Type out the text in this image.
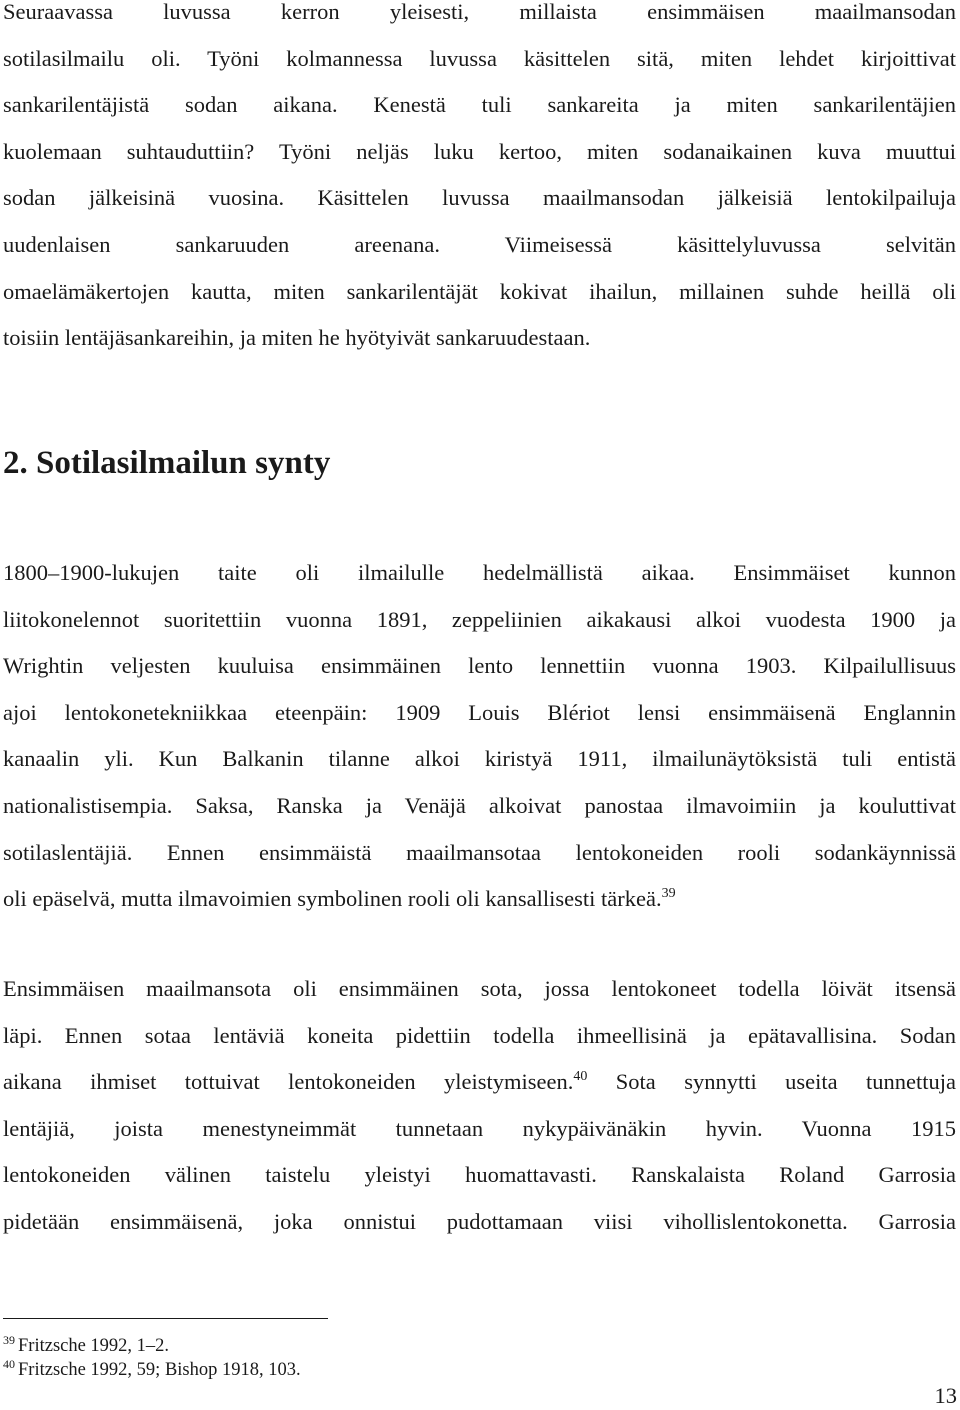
Seuraavassa luvussa kerron yleisesti, millaista ensimmäisen maailmansodan
sotilasilmailu oli. Työni kolmannessa luvussa käsittelen sitä, miten lehdet kirjoittivat
sankarilentäjistä sodan aikana. Kenestä tuli sankareita ja miten sankarilentäjien
kuolemaan suhtauduttiin? Työni neljäs luku kertoo, miten sodanaikainen kuva muuttui
sodan jälkeisinä vuosina. Käsittelen luvussa maailmansodan jälkeisiä lentokilpailuja
uudenlaisen sankaruuden areenana. Viimeisessä käsittelyluvussa selvitän
omaelämäkertojen kautta, miten sankarilentäjät kokivat ihailun, millainen suhde heillä oli
toisiin lentäjäsankareihin, ja miten he hyötyivät sankaruudestaan.

2. Sotilasilmailun synty

1800–1900-lukujen taite oli ilmailulle hedelmällistä aikaa. Ensimmäiset kunnon
liitokonelennot suoritettiin vuonna 1891, zeppeliinien aikakausi alkoi vuodesta 1900 ja
Wrightin veljesten kuuluisa ensimmäinen lento lennettiin vuonna 1903. Kilpailullisuus
ajoi lentokonetekniikkaa eteenpäin: 1909 Louis Blériot lensi ensimmäisenä Englannin
kanaalin yli. Kun Balkanin tilanne alkoi kiristyä 1911, ilmailunäytöksistä tuli entistä
nationalistisempia. Saksa, Ranska ja Venäjä alkoivat panostaa ilmavoimiin ja kouluttivat
sotilaslentäjiä. Ennen ensimmäistä maailmansotaa lentokoneiden rooli sodankäynnissä
oli epäselvä, mutta ilmavoimien symbolinen rooli oli kansallisesti tärkeä.$^{39}$

Ensimmäisen maailmansota oli ensimmäinen sota, jossa lentokoneet todella löivät itsensä
läpi. Ennen sotaa lentäviä koneita pidettiin todella ihmeellisinä ja epätavallisina. Sodan
aikana ihmiset tottuivat lentokoneiden yleistymiseen.$^{40}$ Sota synnytti useita tunnettuja
lentäjiä, joista menestyneimmät tunnetaan nykypäivänäkin hyvin. Vuonna 1915
lentokoneiden välinen taistelu yleistyi huomattavasti. Ranskalaista Roland Garrosia
pidetään ensimmäisenä, joka onnistui pudottamaan viisi vihollislentokonetta. Garrosia

$^{39}$ Fritzsche 1992, 1–2.
$^{40}$ Fritzsche 1992, 59; Bishop 1918, 103.
13
